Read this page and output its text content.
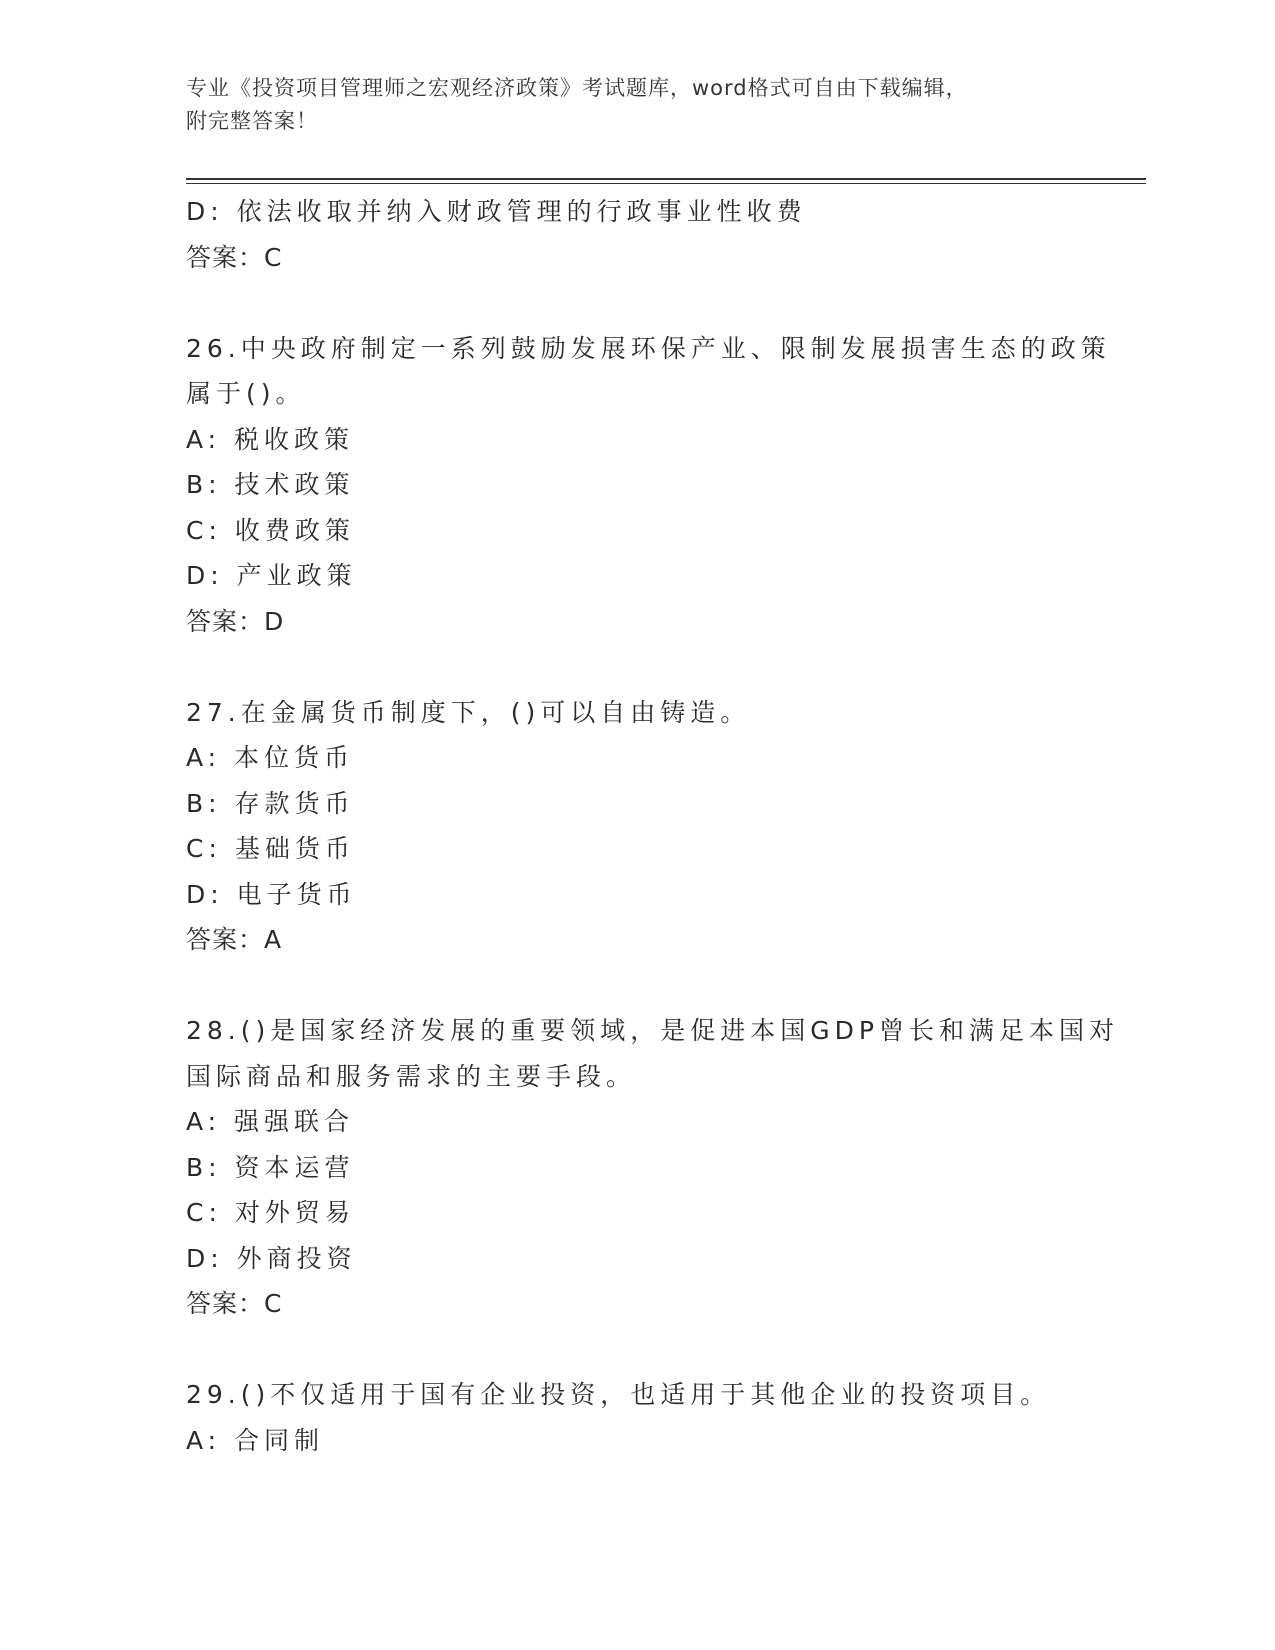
专业《投资项目管理师之宏观经济政策》考试题库，word格式可自由下载编辑，
附完整答案！
D: 依法收取并纳入财政管理的行政事业性收费
答案：C
26.中央政府制定一系列鼓励发展环保产业、限制发展损害生态的政策
属于()。
A: 税收政策
B: 技术政策
C: 收费政策
D: 产业政策
答案：D
27.在金属货币制度下，()可以自由铸造。
A: 本位货币
B: 存款货币
C: 基础货币
D: 电子货币
答案：A
28.()是国家经济发展的重要领域，是促进本国GDP曾长和满足本国对
国际商品和服务需求的主要手段。
A: 强强联合
B: 资本运营
C: 对外贸易
D: 外商投资
答案：C
29.()不仅适用于国有企业投资，也适用于其他企业的投资项目。
A: 合同制
